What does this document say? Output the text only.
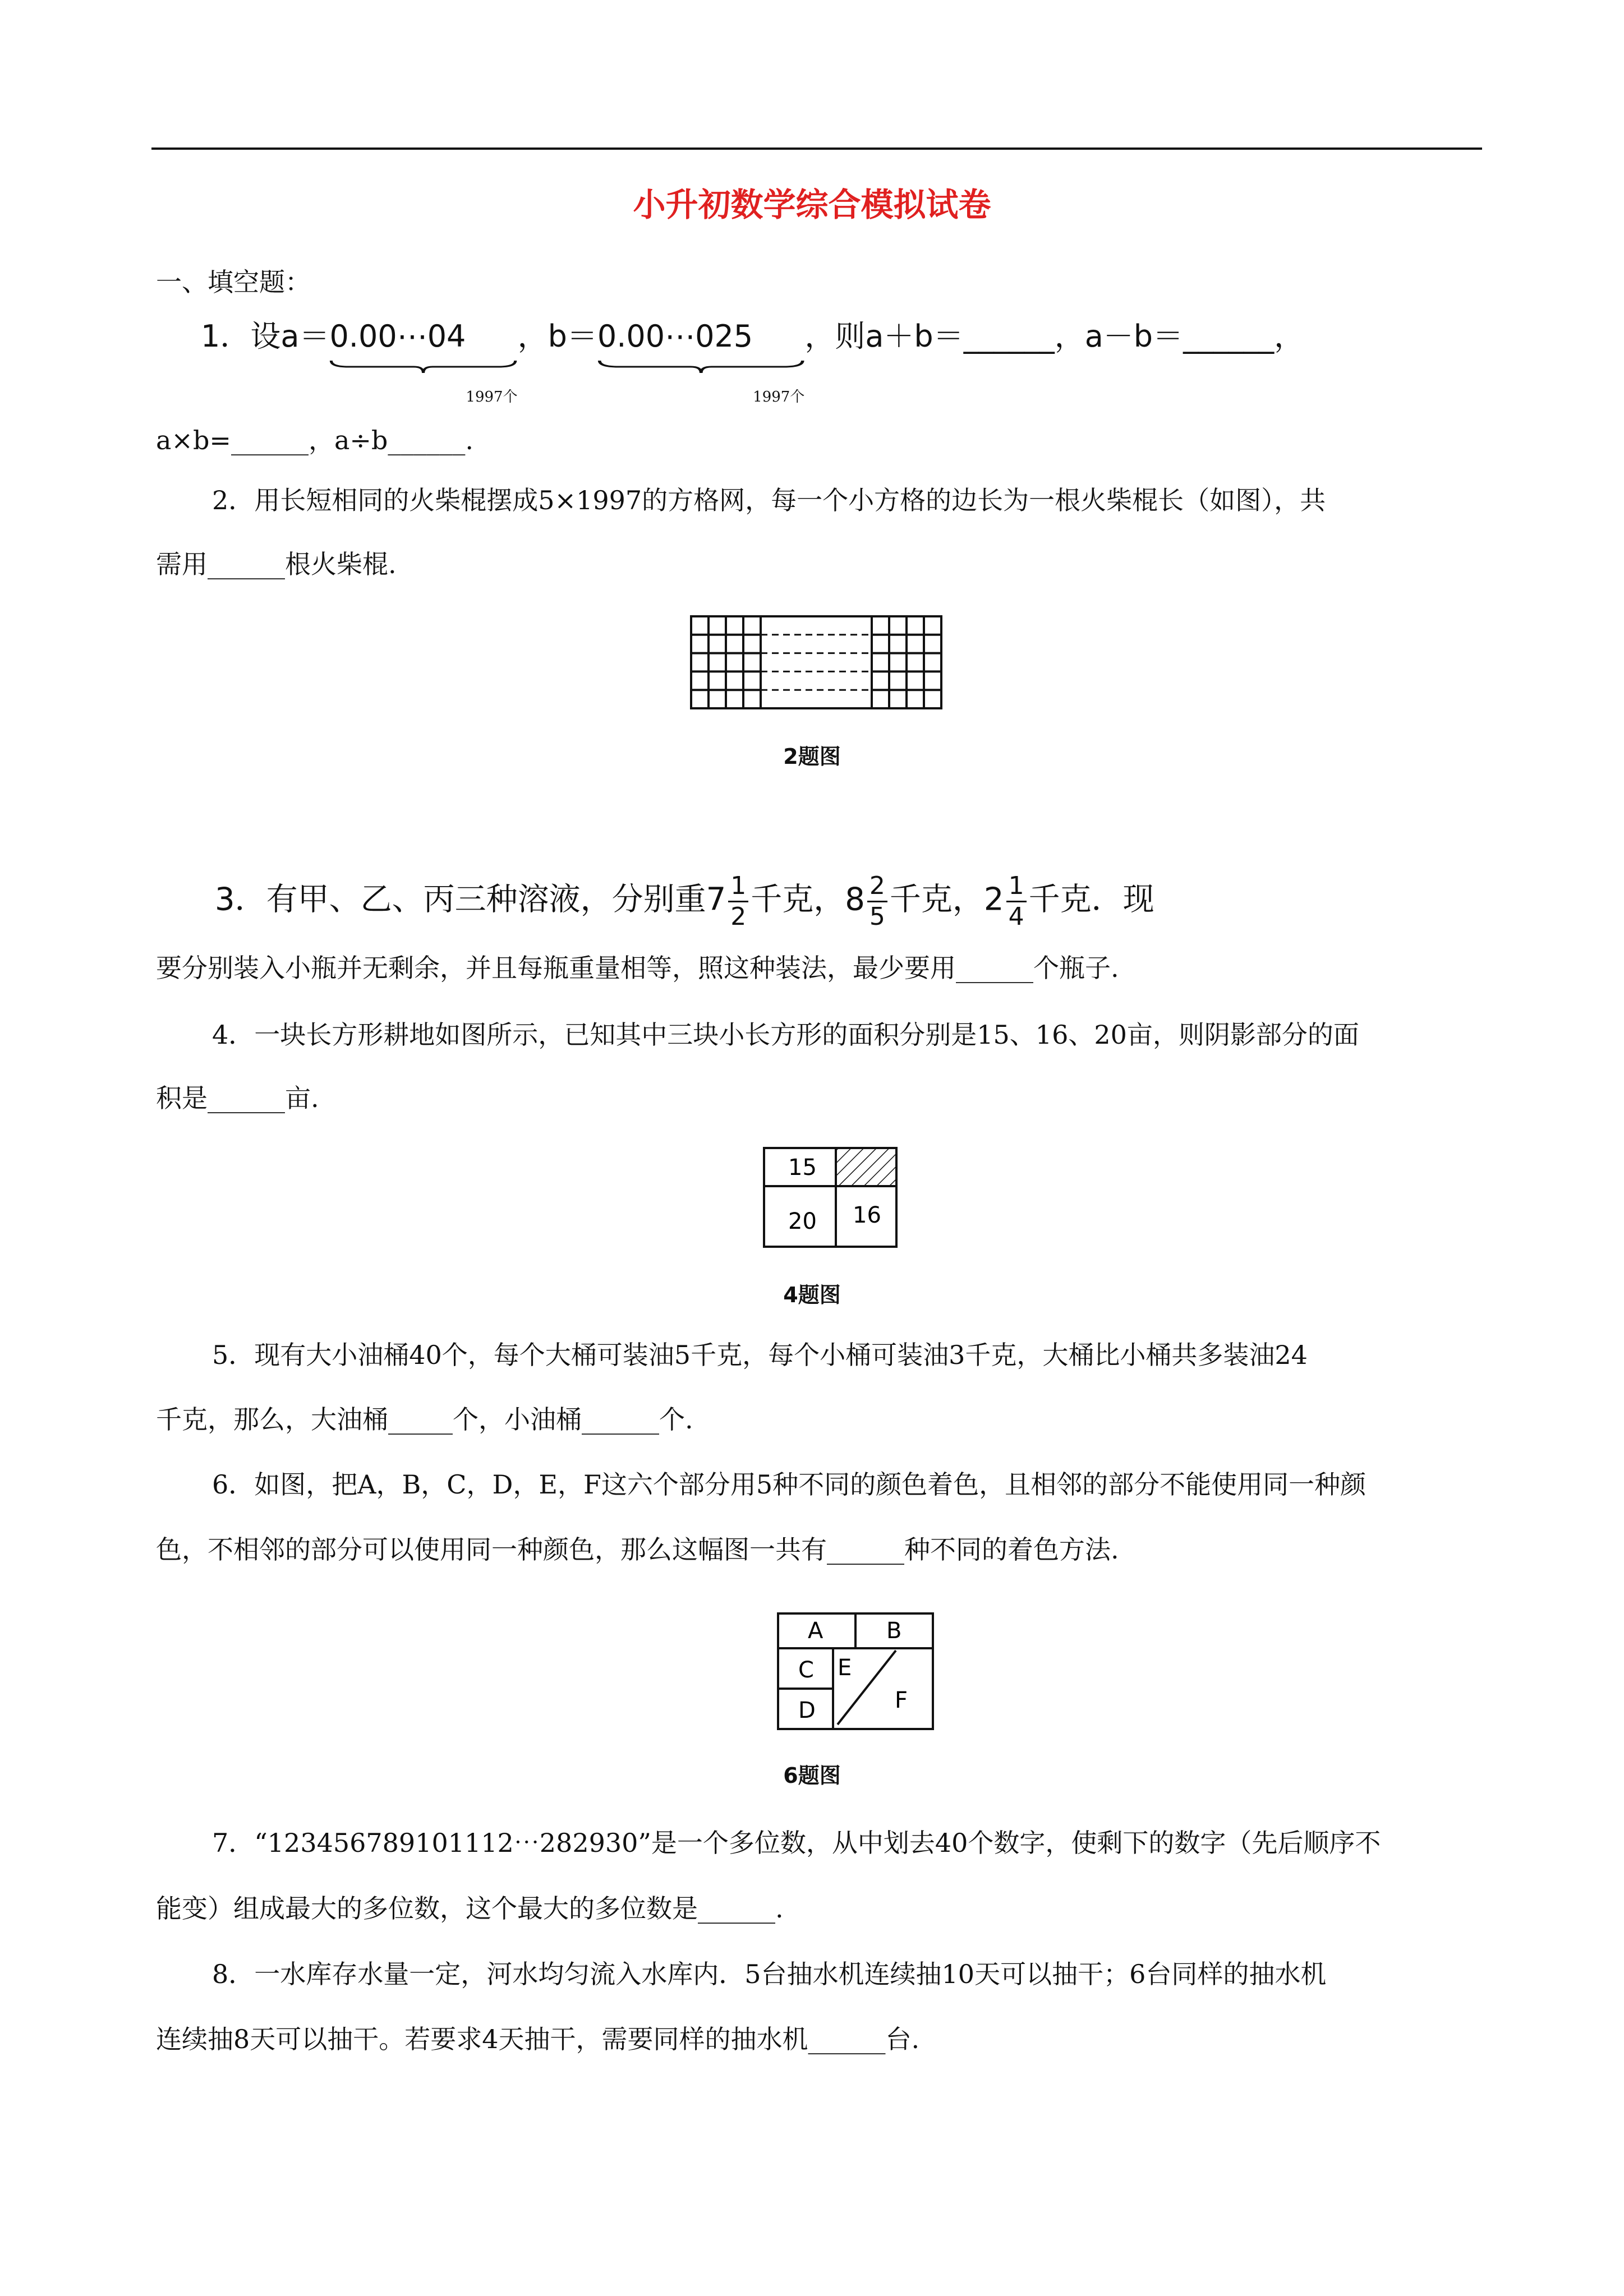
小升初数学综合模拟试卷
一、填空题：
1．设a＝0.00⋯04
$_{1997个}$，b＝0.00⋯025
$_{1997个}$，则a＋b＝______，a－b＝______，
a×b=______，a÷b______.
2．用长短相同的火柴棍摆成5×1997的方格网，每一个小方格的边长为一根火柴棍长（如图），共
需用______根火柴棍.
2题图
3．有甲、乙、丙三种溶液，分别重$7 \frac{1}{2}$ 千克，$8 \frac{2}{5}$ 千克，$2 \frac{1}{4}$ 千克．现
要分别装入小瓶并无剩余，并且每瓶重量相等，照这种装法，最少要用______个瓶子.
4．一块长方形耕地如图所示，已知其中三块小长方形的面积分别是15、16、20亩，则阴影部分的面
积是______亩.
15
20 16
4题图
5．现有大小油桶40个，每个大桶可装油5千克，每个小桶可装油3千克，大桶比小桶共多装油24
千克，那么，大油桶_____个，小油桶______个.
6．如图，把A，B，C，D，E，F这六个部分用5种不同的颜色着色，且相邻的部分不能使用同一种颜
色，不相邻的部分可以使用同一种颜色，那么这幅图一共有______种不同的着色方法.
A	B
C
D
E
F
6题图
7．“123456789101112⋯282930”是一个多位数，从中划去40个数字，使剩下的数字（先后顺序不
能变）组成最大的多位数，这个最大的多位数是______.
8．一水库存水量一定，河水均匀流入水库内．5台抽水机连续抽10天可以抽干；6台同样的抽水机
连续抽8天可以抽干。若要求4天抽干，需要同样的抽水机______台.
